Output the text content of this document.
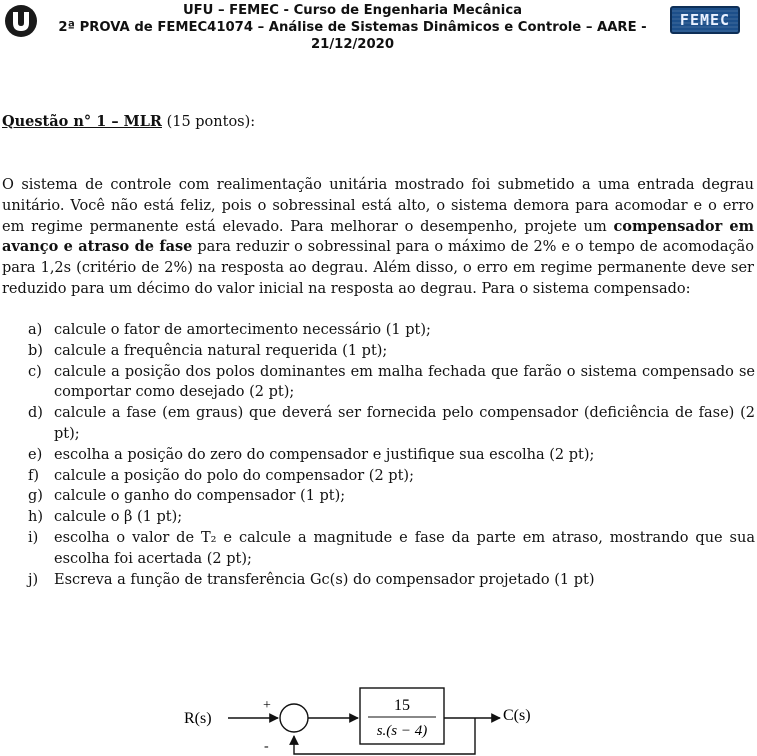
UFU – FEMEC - Curso de Engenharia Mecânica
2ª PROVA de FEMEC41074 – Análise de Sistemas Dinâmicos e Controle – AARE -
21/12/2020
FEMEC
Questão n° 1 – MLR (15 pontos):
O sistema de controle com realimentação unitária mostrado foi submetido a uma entrada degrau unitário. Você não está feliz, pois o sobressinal está alto, o sistema demora para acomodar e o erro em regime permanente está elevado. Para melhorar o desempenho, projete um compensador em avanço e atraso de fase para reduzir o sobressinal para o máximo de 2% e o tempo de acomodação para 1,2s (critério de 2%) na resposta ao degrau. Além disso, o erro em regime permanente deve ser reduzido para um décimo do valor inicial na resposta ao degrau. Para o sistema compensado:
a) calcule o fator de amortecimento necessário (1 pt);
b) calcule a frequência natural requerida (1 pt);
c) calcule a posição dos polos dominantes em malha fechada que farão o sistema compensado se comportar como desejado (2 pt);
d) calcule a fase (em graus) que deverá ser fornecida pelo compensador (deficiência de fase) (2 pt);
e) escolha a posição do zero do compensador e justifique sua escolha (2 pt);
f) calcule a posição do polo do compensador (2 pt);
g) calcule o ganho do compensador (1 pt);
h) calcule o β (1 pt);
i) escolha o valor de T₂ e calcule a magnitude e fase da parte em atraso, mostrando que sua escolha foi acertada (2 pt);
j) Escreva a função de transferência Gc(s) do compensador projetado (1 pt)
R(s)
+	15
s.(s − 4)
C(s)
-
